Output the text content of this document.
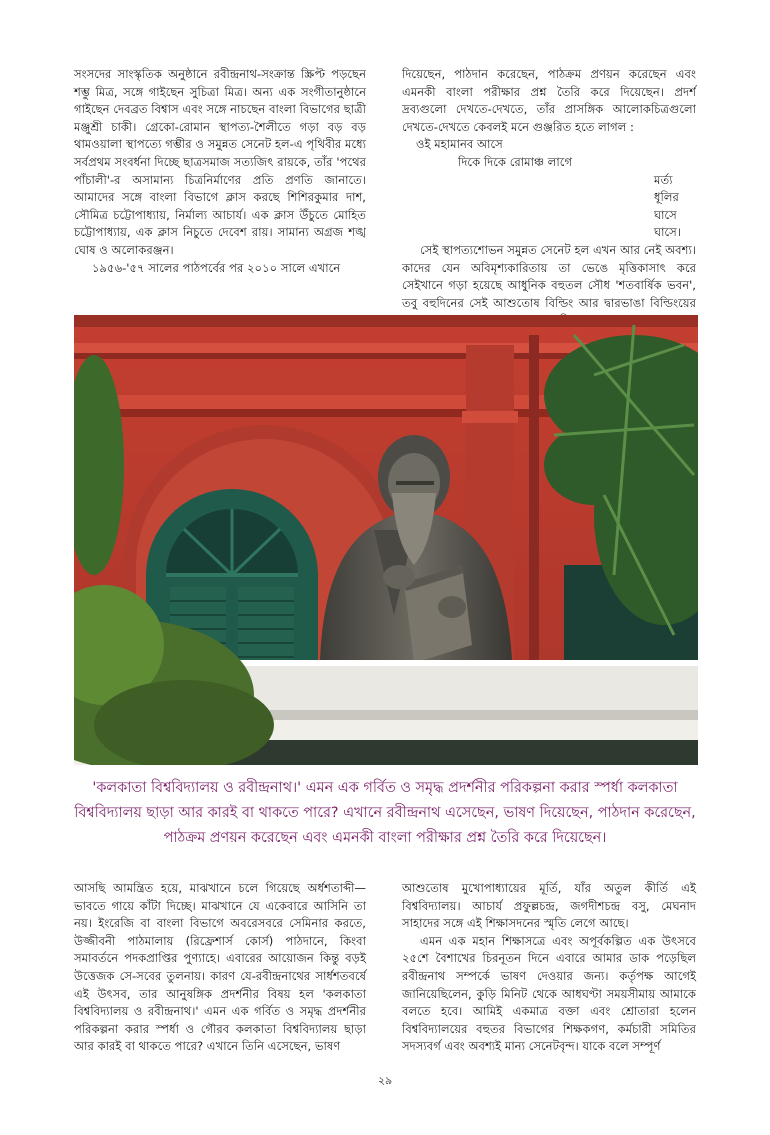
সংসদের সাংস্কৃতিক অনুষ্ঠানে রবীন্দ্রনাথ-সংক্রান্ত স্ক্রিপ্ট পড়ছেন শম্ভু মিত্র, সঙ্গে গাইছেন সুচিত্রা মিত্র। অন্য এক সংগীতানুষ্ঠানে গাইছেন দেবব্রত বিশ্বাস এবং সঙ্গে নাচছেন বাংলা বিভাগের ছাত্রী মঞ্জুশ্রী চাকী। গ্রেকো-রোমান স্থাপত্য-শৈলীতে গড়া বড় বড় থামওয়ালা স্থাপত্যে গম্ভীর ও সমুন্নত সেনেট হল-এ পৃথিবীর মধ্যে সর্বপ্রথম সংবর্ধনা দিচ্ছে ছাত্রসমাজ সত্যজিৎ রায়কে, তাঁর 'পথের পাঁচালী'-র অসামান্য চিত্রনির্মাণের প্রতি প্রণতি জানাতে। আমাদের সঙ্গে বাংলা বিভাগে ক্লাস করছে শিশিরকুমার দাশ, সৌমিত্র চট্টোপাধ্যায়, নির্মাল্য আচার্য। এক ক্লাস উঁচুতে মোহিত চট্টোপাধ্যায়, এক ক্লাস নিচুতে দেবেশ রায়। সামান্য অগ্রজ শঙ্খ ঘোষ ও অলোকরঞ্জন।

১৯৫৬-'৫৭ সালের পাঠপর্বের পর ২০১০ সালে এখানে

দিয়েছেন, পাঠদান করেছেন, পাঠক্রম প্রণয়ন করেছেন এবং এমনকী বাংলা পরীক্ষার প্রশ্ন তৈরি করে দিয়েছেন। প্রদর্শ দ্রব্যগুলো দেখতে-দেখতে, তাঁর প্রাসঙ্গিক আলোকচিত্রগুলো দেখতে-দেখতে কেবলই মনে গুঞ্জরিত হতে লাগল :

ওই মহামানব আসে
দিকে দিকে রোমাঞ্চ লাগে
মর্ত্য ধূলির ঘাসে ঘাসে।

সেই স্থাপত্যশোভন সমুন্নত সেনেট হল এখন আর নেই অবশ্য। কাদের যেন অবিমৃশ্যকারিতায় তা ভেঙে মৃত্তিকাসাৎ করে সেইখানে গড়া হয়েছে আধুনিক বহুতল সৌধ 'শতবার্ষিক ভবন', তবু বহুদিনের সেই আশুতোষ বিল্ডিং আর দ্বারভাঙা বিল্ডিংয়ের

'কলকাতা বিশ্ববিদ্যালয় ও রবীন্দ্রনাথ।' এমন এক গর্বিত ও সমৃদ্ধ প্রদর্শনীর পরিকল্পনা করার স্পর্ধা কলকাতা বিশ্ববিদ্যালয় ছাড়া আর কারই বা থাকতে পারে? এখানে রবীন্দ্রনাথ এসেছেন, ভাষণ দিয়েছেন, পাঠদান করেছেন, পাঠক্রম প্রণয়ন করেছেন এবং এমনকী বাংলা পরীক্ষার প্রশ্ন তৈরি করে দিয়েছেন।

আসছি আমন্ত্রিত হয়ে, মাঝখানে চলে গিয়েছে অর্ধশতাব্দী— ভাবতে গায়ে কাঁটা দিচ্ছে। মাঝখানে যে একেবারে আসিনি তা নয়। ইংরেজি বা বাংলা বিভাগে অবরেসবরে সেমিনার করতে, উজ্জীবনী পাঠমালায় (রিফ্রেশার্স কোর্স) পাঠদানে, কিংবা সমাবর্তনে পদকপ্রাপ্তির পুণ্যাহে। এবারের আয়োজন কিন্তু বড়ই উত্তেজক সে-সবের তুলনায়। কারণ যে-রবীন্দ্রনাথের সার্ধশতবর্ষে এই উৎসব, তার আনুষঙ্গিক প্রদর্শনীর বিষয় হল 'কলকাতা বিশ্ববিদ্যালয় ও রবীন্দ্রনাথ।' এমন এক গর্বিত ও সমৃদ্ধ প্রদর্শনীর পরিকল্পনা করার স্পর্ধা ও গৌরব কলকাতা বিশ্ববিদ্যালয় ছাড়া আর কারই বা থাকতে পারে? এখানে তিনি এসেছেন, ভাষণ

আশুতোষ মুখোপাধ্যায়ের মূর্তি, যাঁর অতুল কীর্তি এই বিশ্ববিদ্যালয়। আচার্য প্রফুল্লচন্দ্র, জগদীশচন্দ্র বসু, মেঘনাদ সাহাদের সঙ্গে এই শিক্ষাসদনের স্মৃতি লেগে আছে।

এমন এক মহান শিক্ষাসত্রে এবং অপূর্বকল্পিত এক উৎসবে ২৫শে বৈশাখের চিরনূতন দিনে এবারে আমার ডাক পড়েছিল রবীন্দ্রনাথ সম্পর্কে ভাষণ দেওয়ার জন্য। কর্তৃপক্ষ আগেই জানিয়েছিলেন, কুড়ি মিনিট থেকে আধঘণ্টা সময়সীমায় আমাকে বলতে হবে। আমিই একমাত্র বক্তা এবং শ্রোতারা হলেন বিশ্ববিদ্যালয়ের বহুতর বিভাগের শিক্ষকগণ, কর্মচারী সমিতির সদস্যবর্গ এবং অবশ্যই মান্য সেনেটবৃন্দ। যাকে বলে সম্পূর্ণ

২৯
